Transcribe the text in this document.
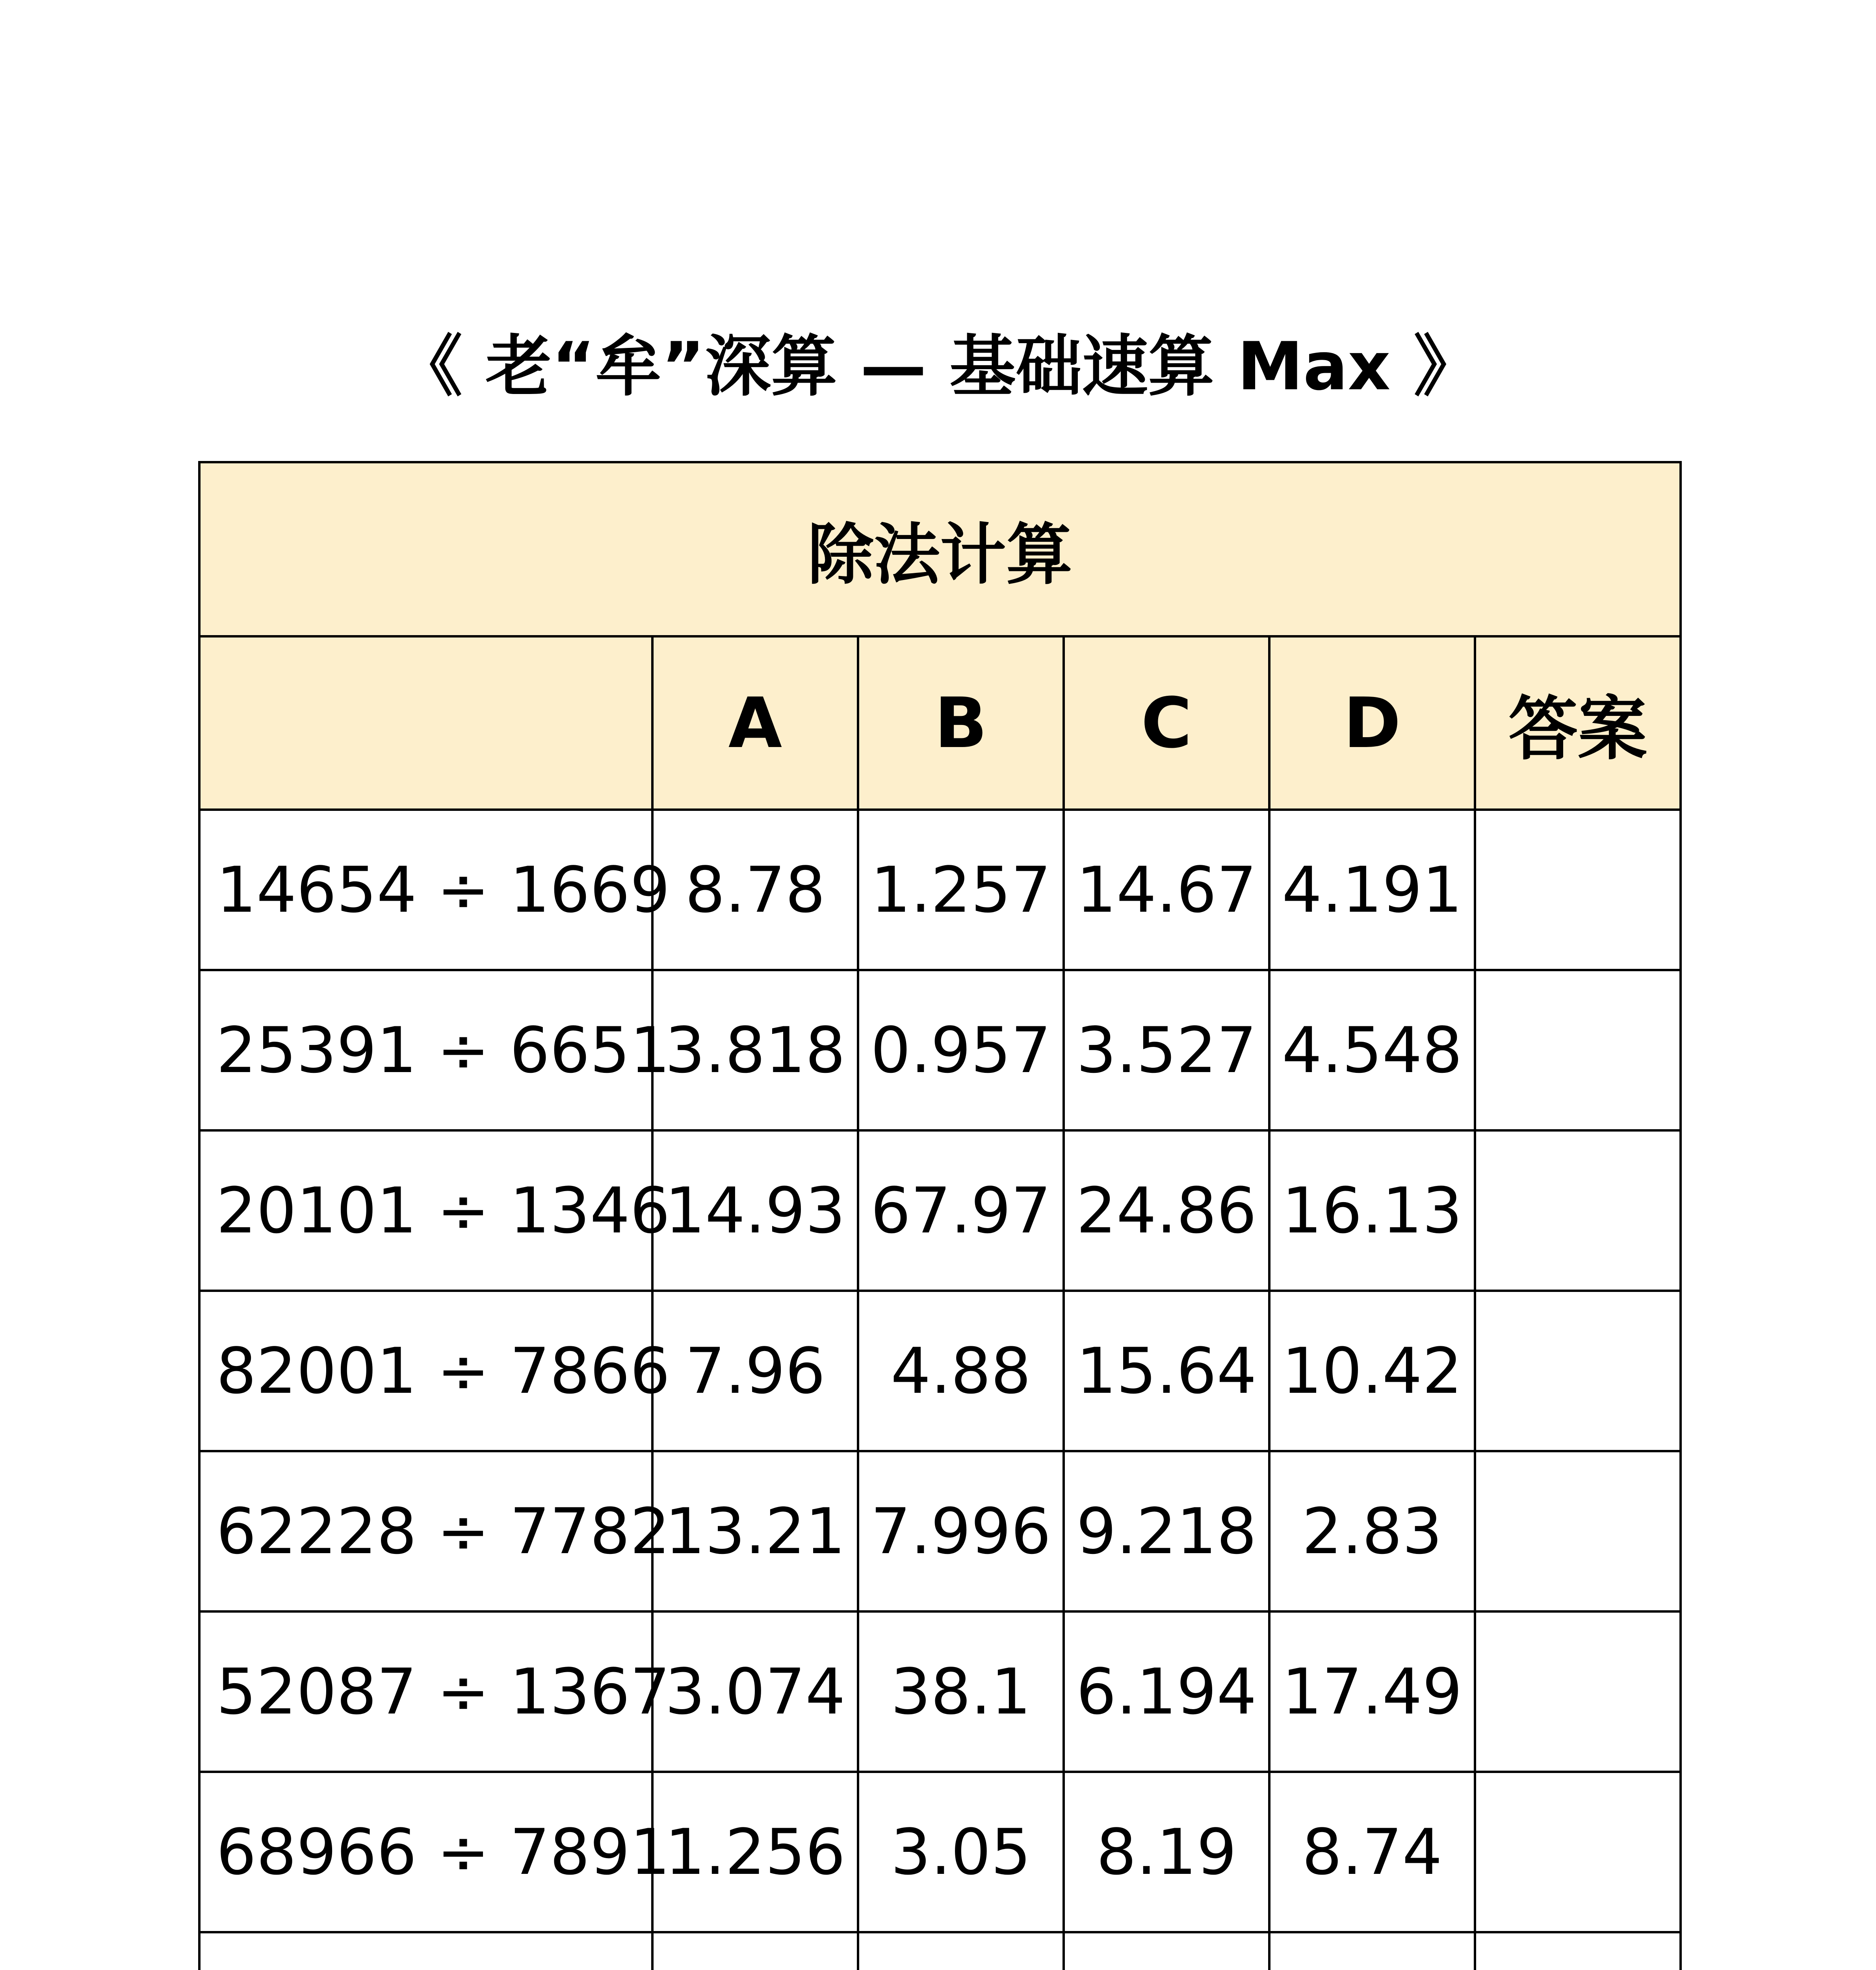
《 老“牟”深算 — 基础速算 Max 》
除法计算					
	A	B	C	D	答案
14654 ÷ 1669	8.78	1.257	14.67	4.191	
25391 ÷ 6651	3.818	0.957	3.527	4.548	
20101 ÷ 1346	14.93	67.97	24.86	16.13	
82001 ÷ 7866	7.96	4.88	15.64	10.42	
62228 ÷ 7782	13.21	7.996	9.218	2.83	
52087 ÷ 1367	3.074	38.1	6.194	17.49	
68966 ÷ 7891	1.256	3.05	8.19	8.74	
